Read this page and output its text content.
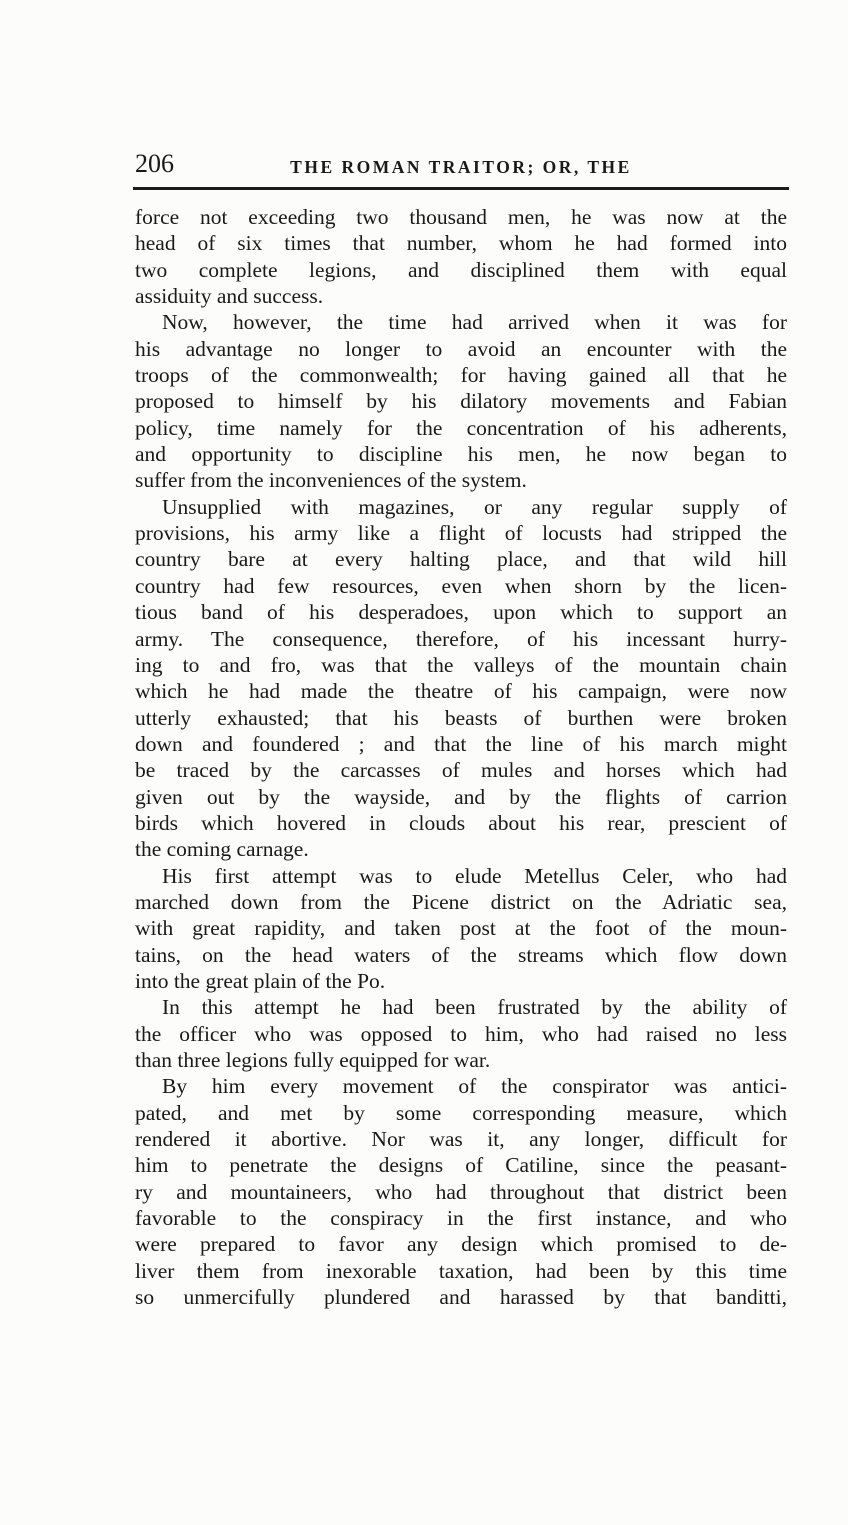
206	THE ROMAN TRAITOR; OR, THE
force not exceeding two thousand men, he was now at the
head of six times that number, whom he had formed into
two complete legions, and disciplined them with equal
assiduity and success.
Now, however, the time had arrived when it was for
his advantage no longer to avoid an encounter with the
troops of the commonwealth; for having gained all that he
proposed to himself by his dilatory movements and Fabian
policy, time namely for the concentration of his adherents,
and opportunity to discipline his men, he now began to
suffer from the inconveniences of the system.
Unsupplied with magazines, or any regular supply of
provisions, his army like a flight of locusts had stripped the
country bare at every halting place, and that wild hill
country had few resources, even when shorn by the licen-
tious band of his desperadoes, upon which to support an
army. The consequence, therefore, of his incessant hurry-
ing to and fro, was that the valleys of the mountain chain
which he had made the theatre of his campaign, were now
utterly exhausted; that his beasts of burthen were broken
down and foundered ; and that the line of his march might
be traced by the carcasses of mules and horses which had
given out by the wayside, and by the flights of carrion
birds which hovered in clouds about his rear, prescient of
the coming carnage.
His first attempt was to elude Metellus Celer, who had
marched down from the Picene district on the Adriatic sea,
with great rapidity, and taken post at the foot of the moun-
tains, on the head waters of the streams which flow down
into the great plain of the Po.
In this attempt he had been frustrated by the ability of
the officer who was opposed to him, who had raised no less
than three legions fully equipped for war.
By him every movement of the conspirator was antici-
pated, and met by some corresponding measure, which
rendered it abortive. Nor was it, any longer, difficult for
him to penetrate the designs of Catiline, since the peasant-
ry and mountaineers, who had throughout that district been
favorable to the conspiracy in the first instance, and who
were prepared to favor any design which promised to de-
liver them from inexorable taxation, had been by this time
so unmercifully plundered and harassed by that banditti,
